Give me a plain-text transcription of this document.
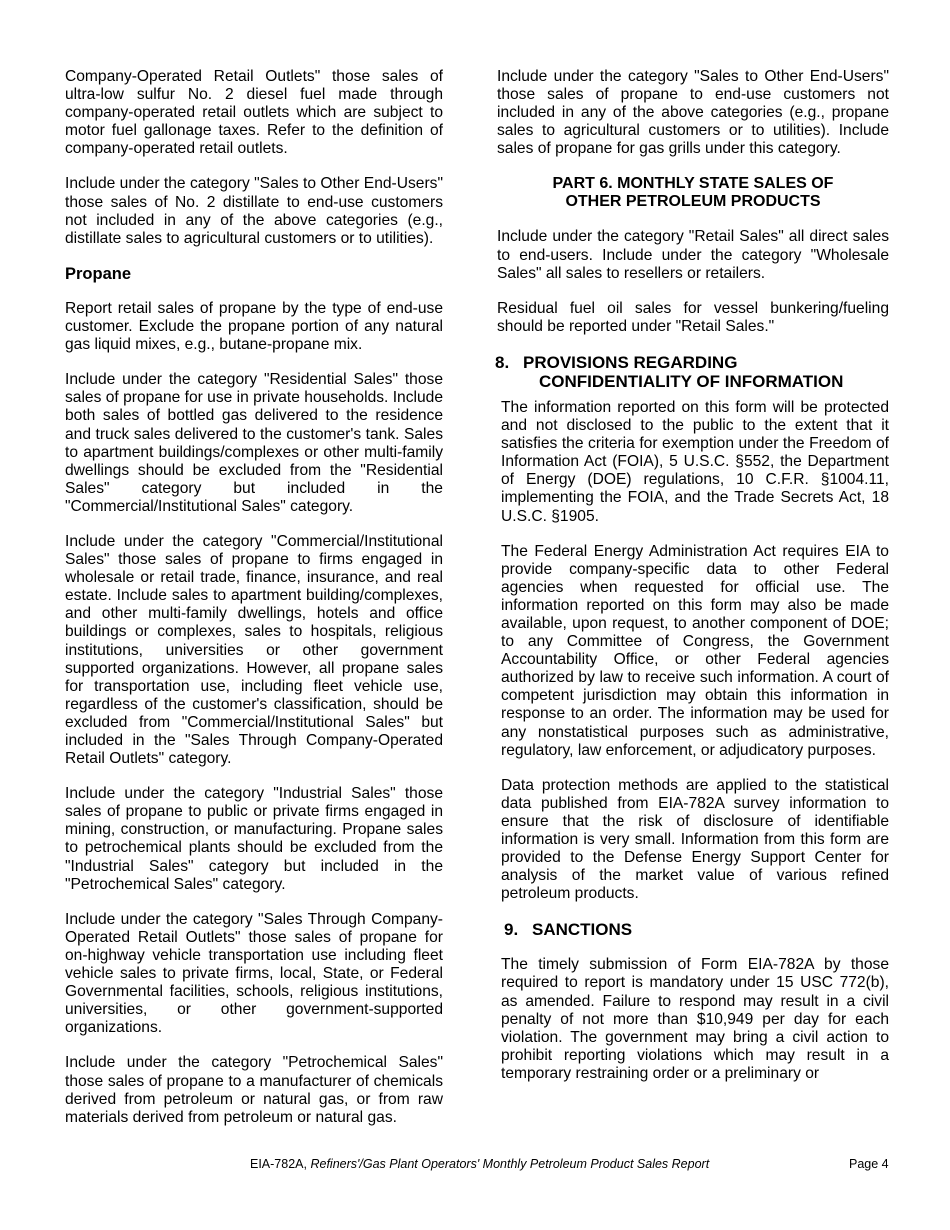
Company-Operated Retail Outlets" those sales of ultra-low sulfur No. 2 diesel fuel made through company-operated retail outlets which are subject to motor fuel gallonage taxes. Refer to the definition of company-operated retail outlets.

Include under the category "Sales to Other End-Users" those sales of No. 2 distillate to end-use customers not included in any of the above categories (e.g., distillate sales to agricultural customers or to utilities).

Propane

Report retail sales of propane by the type of end-use customer. Exclude the propane portion of any natural gas liquid mixes, e.g., butane-propane mix.

Include under the category "Residential Sales" those sales of propane for use in private households. Include both sales of bottled gas delivered to the residence and truck sales delivered to the customer's tank. Sales to apartment buildings/complexes or other multi-family dwellings should be excluded from the "Residential Sales" category but included in the "Commercial/Institutional Sales" category.

Include under the category "Commercial/Institutional Sales" those sales of propane to firms engaged in wholesale or retail trade, finance, insurance, and real estate. Include sales to apartment building/complexes, and other multi-family dwellings, hotels and office buildings or complexes, sales to hospitals, religious institutions, universities or other government supported organizations. However, all propane sales for transportation use, including fleet vehicle use, regardless of the customer's classification, should be excluded from "Commercial/Institutional Sales" but included in the "Sales Through Company-Operated Retail Outlets" category.

Include under the category "Industrial Sales" those sales of propane to public or private firms engaged in mining, construction, or manufacturing. Propane sales to petrochemical plants should be excluded from the "Industrial Sales" category but included in the "Petrochemical Sales" category.

Include under the category "Sales Through Company-Operated Retail Outlets" those sales of propane for on-highway vehicle transportation use including fleet vehicle sales to private firms, local, State, or Federal Governmental facilities, schools, religious institutions, universities, or other government-supported organizations.

Include under the category "Petrochemical Sales" those sales of propane to a manufacturer of chemicals derived from petroleum or natural gas, or from raw materials derived from petroleum or natural gas.

Include under the category "Sales to Other End-Users" those sales of propane to end-use customers not included in any of the above categories (e.g., propane sales to agricultural customers or to utilities). Include sales of propane for gas grills under this category.

PART 6. MONTHLY STATE SALES OF
OTHER PETROLEUM PRODUCTS

Include under the category "Retail Sales" all direct sales to end-users. Include under the category "Wholesale Sales" all sales to resellers or retailers.

Residual fuel oil sales for vessel bunkering/fueling should be reported under "Retail Sales."

8. PROVISIONS REGARDING
CONFIDENTIALITY OF INFORMATION

The information reported on this form will be protected and not disclosed to the public to the extent that it satisfies the criteria for exemption under the Freedom of Information Act (FOIA), 5 U.S.C. §552, the Department of Energy (DOE) regulations, 10 C.F.R. §1004.11, implementing the FOIA, and the Trade Secrets Act, 18 U.S.C. §1905.

The Federal Energy Administration Act requires EIA to provide company-specific data to other Federal agencies when requested for official use. The information reported on this form may also be made available, upon request, to another component of DOE; to any Committee of Congress, the Government Accountability Office, or other Federal agencies authorized by law to receive such information. A court of competent jurisdiction may obtain this information in response to an order. The information may be used for any nonstatistical purposes such as administrative, regulatory, law enforcement, or adjudicatory purposes.

Data protection methods are applied to the statistical data published from EIA-782A survey information to ensure that the risk of disclosure of identifiable information is very small. Information from this form are provided to the Defense Energy Support Center for analysis of the market value of various refined petroleum products.

9. SANCTIONS

The timely submission of Form EIA-782A by those required to report is mandatory under 15 USC 772(b), as amended. Failure to respond may result in a civil penalty of not more than $10,949 per day for each violation. The government may bring a civil action to prohibit reporting violations which may result in a temporary restraining order or a preliminary or

EIA-782A, Refiners'/Gas Plant Operators' Monthly Petroleum Product Sales Report	Page 4
